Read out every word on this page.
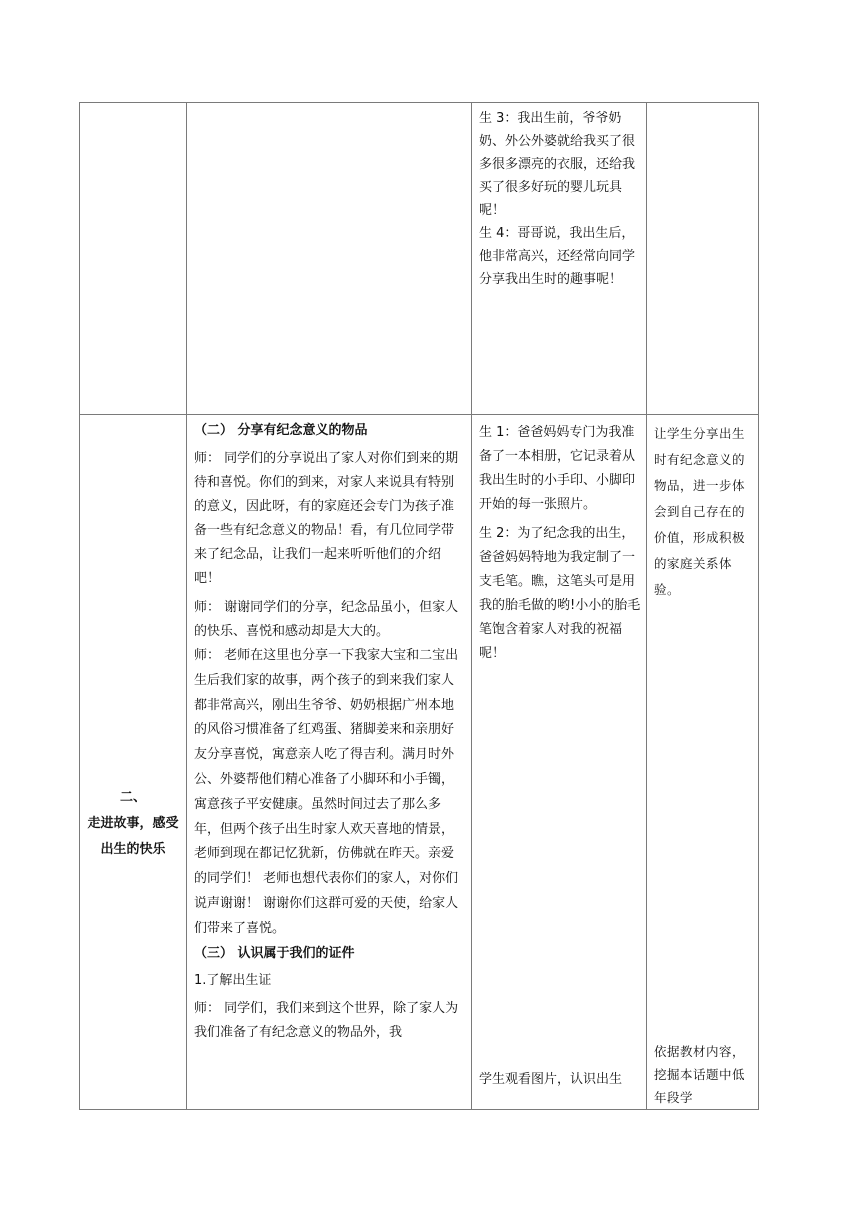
生 3：我出生前，爷爷奶奶、外公外婆就给我买了很多很多漂亮的衣服，还给我买了很多好玩的婴儿玩具呢！

生 4：哥哥说，我出生后，他非常高兴，还经常向同学分享我出生时的趣事呢！

二、
走进故事，感受出生的快乐

（二） 分享有纪念意义的物品

师： 同学们的分享说出了家人对你们到来的期待和喜悦。你们的到来，对家人来说具有特别的意义，因此呀，有的家庭还会专门为孩子准备一些有纪念意义的物品！看，有几位同学带来了纪念品，让我们一起来听听他们的介绍吧！

师： 谢谢同学们的分享，纪念品虽小，但家人的快乐、喜悦和感动却是大大的。

师： 老师在这里也分享一下我家大宝和二宝出生后我们家的故事，两个孩子的到来我们家人都非常高兴，刚出生爷爷、奶奶根据广州本地的风俗习惯准备了红鸡蛋、猪脚姜来和亲朋好友分享喜悦，寓意亲人吃了得吉利。满月时外公、外婆帮他们精心准备了小脚环和小手镯，寓意孩子平安健康。虽然时间过去了那么多年，但两个孩子出生时家人欢天喜地的情景，老师到现在都记忆犹新，仿佛就在昨天。亲爱的同学们！ 老师也想代表你们的家人，对你们说声谢谢！ 谢谢你们这群可爱的天使，给家人们带来了喜悦。

（三） 认识属于我们的证件

1.了解出生证

师： 同学们，我们来到这个世界，除了家人为我们准备了有纪念意义的物品外，我

生 1：爸爸妈妈专门为我准备了一本相册，它记录着从我出生时的小手印、小脚印开始的每一张照片。

生 2：为了纪念我的出生，爸爸妈妈特地为我定制了一支毛笔。瞧，这笔头可是用我的胎毛做的哟!小小的胎毛笔饱含着家人对我的祝福呢！

学生观看图片，认识出生

让学生分享出生时有纪念意义的物品，进一步体会到自己存在的价值，形成积极的家庭关系体验。

依据教材内容，挖掘本话题中低年段学
